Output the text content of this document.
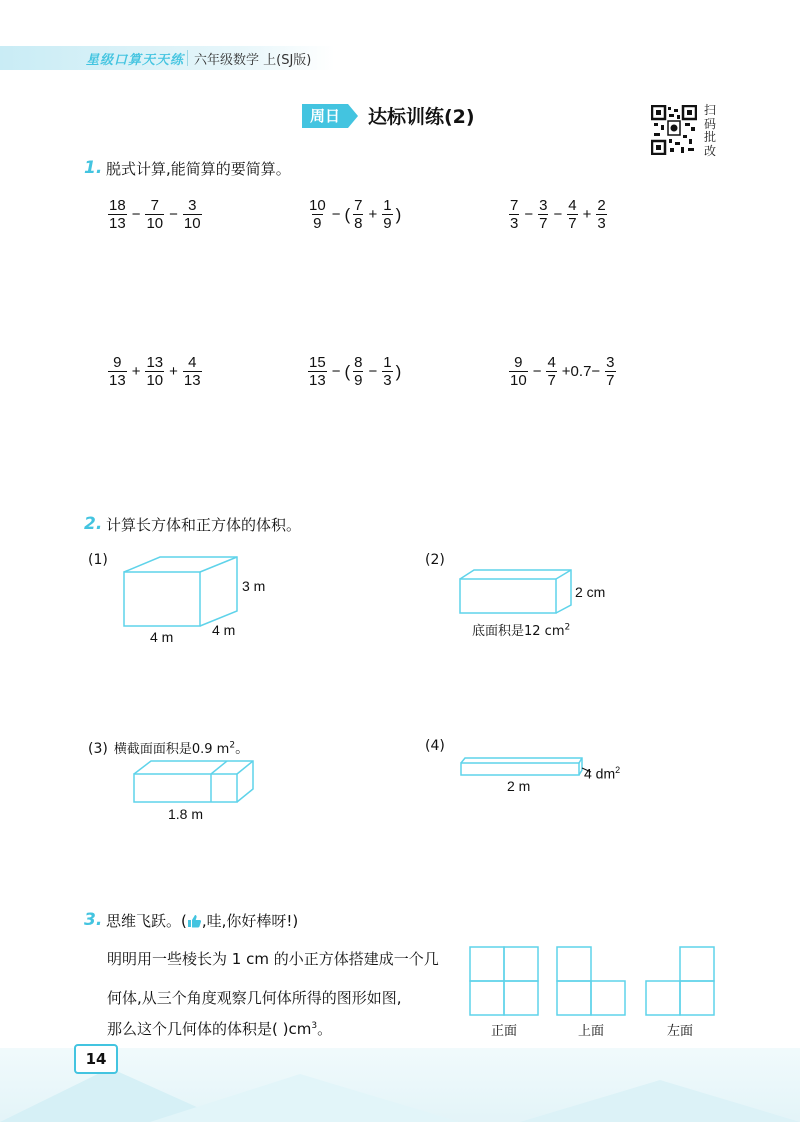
星级口算天天练 六年级数学 上(SJ版)
周日	达标训练(2)	扫码批改
1. 脱式计算,能简算的要简算。
$\frac{18}{13} - \frac{7}{10} - \frac{3}{10}$	$\frac{10}{9}$ − ( $\frac{7}{8} + \frac{1}{9}$ )	$\frac{7}{3} - \frac{3}{7} - \frac{4}{7} + \frac{2}{3}$
$\frac{9}{13} + \frac{13}{10} + \frac{4}{13}$	$\frac{15}{13}$ − ( $\frac{8}{9} - \frac{1}{3}$ )	$\frac{9}{10} - \frac{4}{7} +0.7- \frac{3}{7}$
2. 计算长方体和正方体的体积。
(1)
3 m
4 m	4 m
(2)
2 cm
底面积是12 $cm^2$
(3) 横截面面积是0.9 $m^2$。
1.8 m
(4)
4 $dm^2$
2 m
3. 思维飞跃。( ,哇,你好棒呀!)
明明用一些棱长为 1 cm 的小正方体搭建成一个几
何体,从三个角度观察几何体所得的图形如图,
那么这个几何体的体积是( )$cm^3$。	正面	上面	左面
14
